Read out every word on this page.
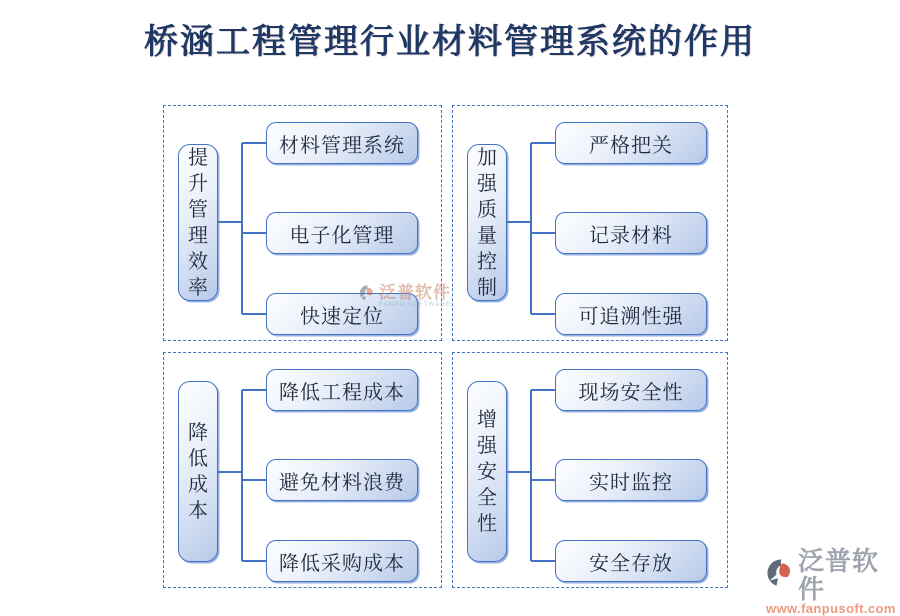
桥涵工程管理行业材料管理系统的作用
提升管理效率
材料管理系统
电子化管理
快速定位
加强质量控制
严格把关
记录材料
可追溯性强
降低成本
降低工程成本
避免材料浪费
降低采购成本
增强安全性
现场安全性
实时监控
安全存放
泛普软件
FANPU SOFTWARE
泛普软件
www.fanpusoft.com
